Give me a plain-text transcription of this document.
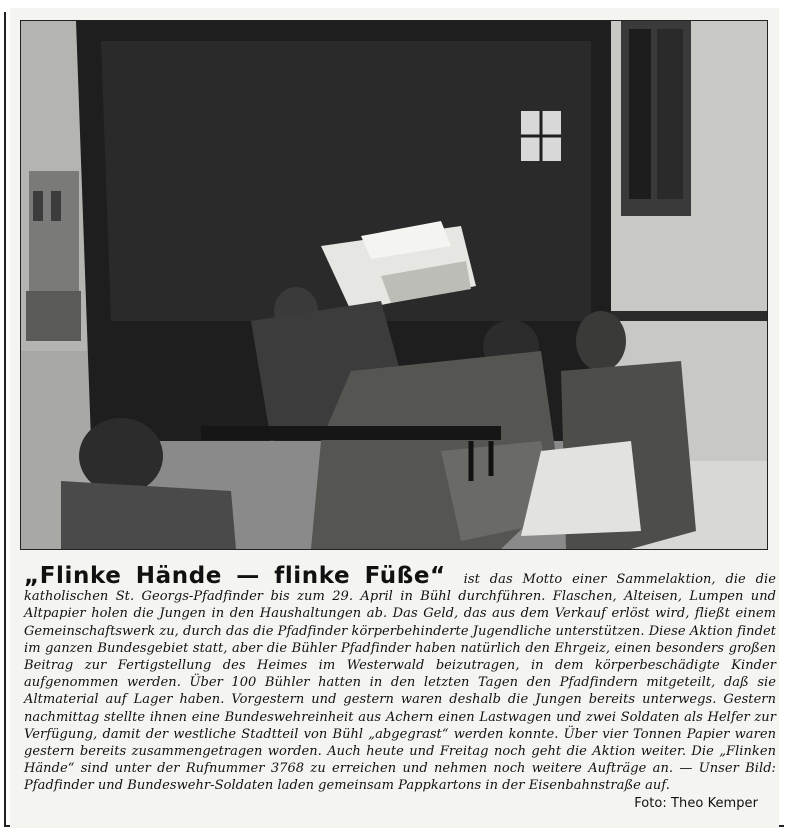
„Flinke Hände — flinke Füße“ ist das Motto einer Sammelaktion, die die katholischen St. Georgs-Pfadfinder bis zum 29. April in Bühl durchführen. Flaschen, Alteisen, Lumpen und Altpapier holen die Jungen in den Haushaltungen ab. Das Geld, das aus dem Verkauf erlöst wird, fließt einem Gemeinschaftswerk zu, durch das die Pfadfinder körperbehinderte Jugendliche unterstützen. Diese Aktion findet im ganzen Bundesgebiet statt, aber die Bühler Pfadfinder haben natürlich den Ehrgeiz, einen besonders großen Beitrag zur Fertigstellung des Heimes im Westerwald beizutragen, in dem körperbeschädigte Kinder aufgenommen werden. Über 100 Bühler hatten in den letzten Tagen den Pfadfindern mitgeteilt, daß sie Altmaterial auf Lager haben. Vorgestern und gestern waren deshalb die Jungen bereits unterwegs. Gestern nachmittag stellte ihnen eine Bundeswehreinheit aus Achern einen Lastwagen und zwei Soldaten als Helfer zur Verfügung, damit der westliche Stadtteil von Bühl „abgegrast“ werden konnte. Über vier Tonnen Papier waren gestern bereits zusammengetragen worden. Auch heute und Freitag noch geht die Aktion weiter. Die „Flinken Hände“ sind unter der Rufnummer 3768 zu erreichen und nehmen noch weitere Aufträge an. — Unser Bild: Pfadfinder und Bundeswehr-Soldaten laden gemeinsam Pappkartons in der Eisenbahnstraße auf.
Foto: Theo Kemper
